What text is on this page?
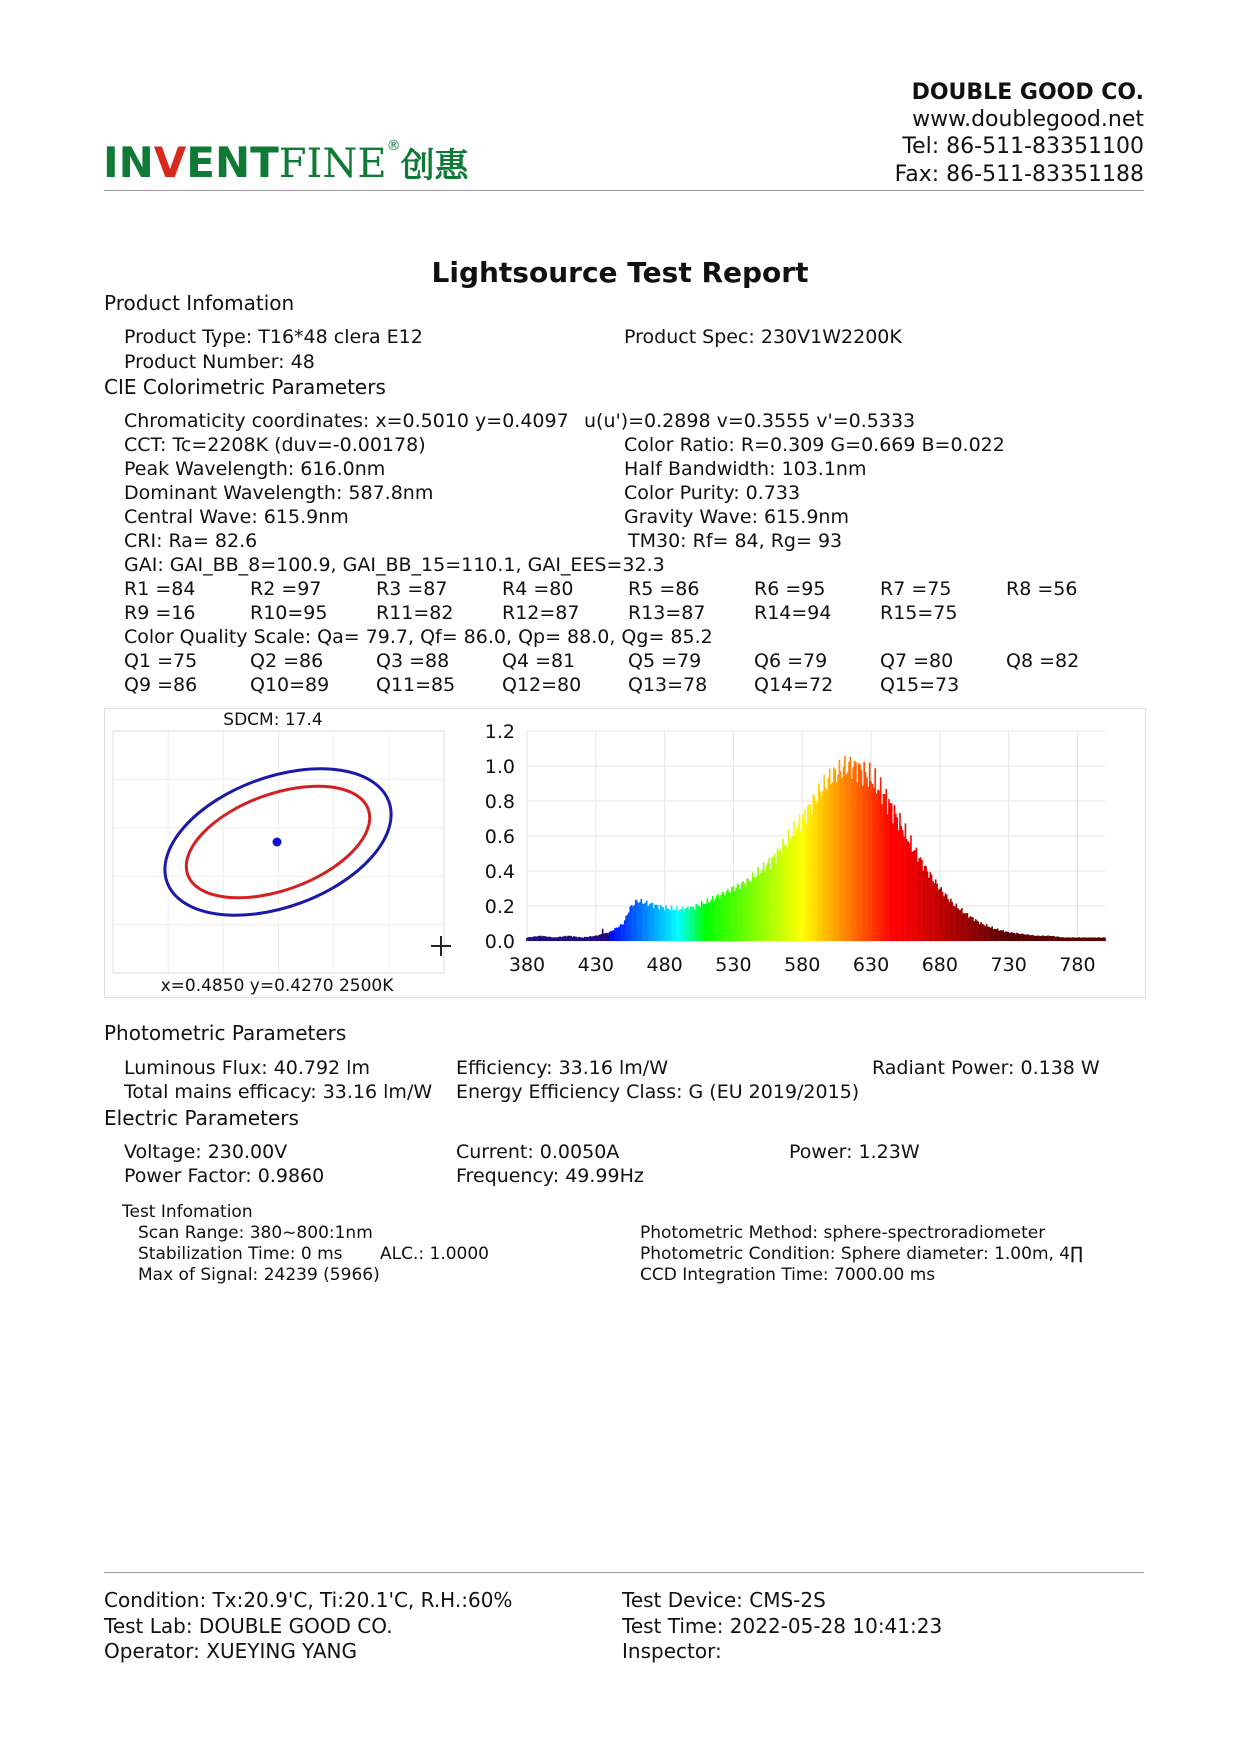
INVENTFINE®创惠
DOUBLE GOOD CO.
www.doublegood.net
Tel: 86-511-83351100
Fax: 86-511-83351188
Lightsource Test Report
Product Infomation
Product Type: T16*48 clera E12	Product Spec: 230V1W2200K
Product Number: 48
CIE Colorimetric Parameters
Chromaticity coordinates: x=0.5010 y=0.4097 u(u')=0.2898 v=0.3555 v'=0.5333
CCT: Tc=2208K (duv=-0.00178)	Color Ratio: R=0.309 G=0.669 B=0.022
Peak Wavelength: 616.0nm	Half Bandwidth: 103.1nm
Dominant Wavelength: 587.8nm	Color Purity: 0.733
Central Wave: 615.9nm	Gravity Wave: 615.9nm
CRI: Ra= 82.6	TM30: Rf= 84, Rg= 93
GAI: GAI_BB_8=100.9, GAI_BB_15=110.1, GAI_EES=32.3
R1 =84	R2 =97	R3 =87	R4 =80	R5 =86	R6 =95	R7 =75	R8 =56
R9 =16	R10=95	R11=82	R12=87	R13=87	R14=94	R15=75
Color Quality Scale: Qa= 79.7, Qf= 86.0, Qp= 88.0, Qg= 85.2
Q1 =75	Q2 =86	Q3 =88	Q4 =81	Q5 =79	Q6 =79	Q7 =80	Q8 =82
Q9 =86	Q10=89 Q11=85 Q12=80 Q13=78 Q14=72 Q15=73
SDCM: 17.4
x=0.4850 y=0.4270 2500K
0.0
0.2
0.4
0.6
0.8
1.0
1.2
380 430 480 530 580 630 680 730 780
Photometric Parameters
Luminous Flux: 40.792 lm	Efficiency: 33.16 lm/W	Radiant Power: 0.138 W
Total mains efficacy: 33.16 lm/W Energy Efficiency Class: G (EU 2019/2015)
Electric Parameters
Voltage: 230.00V	Current: 0.0050A	Power: 1.23W
Power Factor: 0.9860	Frequency: 49.99Hz
Test Infomation
Scan Range: 380~800:1nm	Photometric Method: sphere-spectroradiometer
Stabilization Time: 0 ms ALC.: 1.0000	Photometric Condition: Sphere diameter: 1.00m, 4∏
Max of Signal: 24239 (5966)	CCD Integration Time: 7000.00 ms
Condition: Tx:20.9'C, Ti:20.1'C, R.H.:60%	Test Device: CMS-2S
Test Lab: DOUBLE GOOD CO.	Test Time: 2022-05-28 10:41:23
Operator: XUEYING YANG	Inspector:
